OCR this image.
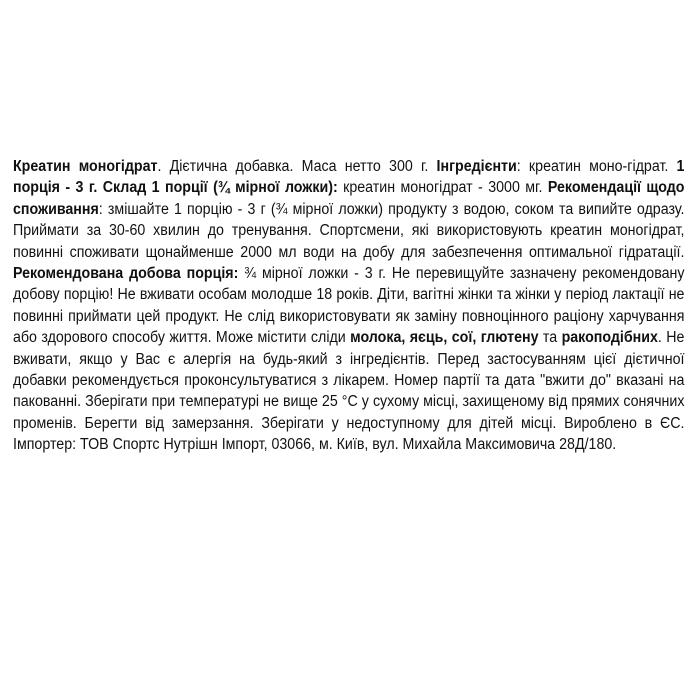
Креатин моногідрат. Дієтична добавка. Маса нетто 300 г. Інгредієнти: креатин моно-гідрат. 1 порція - 3 г. Склад 1 порції (¾ мірної ложки): креатин моногідрат - 3000 мг. Рекомендації щодо споживання: змішайте 1 порцію - 3 г (¾ мірної ложки) продукту з водою, соком та випийте одразу. Приймати за 30-60 хвилин до тренування. Спортсмени, які використовують креатин моногідрат, повинні споживати щонайменше 2000 мл води на добу для забезпечення оптимальної гідратації. Рекомендована добова порція: ¾ мірної ложки - 3 г. Не перевищуйте зазначену рекомендовану добову порцію! Не вживати особам молодше 18 років. Діти, вагітні жінки та жінки у період лактації не повинні приймати цей продукт. Не слід використовувати як заміну повноцінного раціону харчування або здорового способу життя. Може містити сліди молока, яєць, сої, глютену та ракоподібних. Не вживати, якщо у Вас є алергія на будь-який з інгредієнтів. Перед застосуванням цієї дієтичної добавки рекомендується проконсультуватися з лікарем. Номер партії та дата "вжити до" вказані на пакованні. Зберігати при температурі не вище 25 °C у сухому місці, захищеному від прямих сонячних променів. Берегти від замерзання. Зберігати у недоступному для дітей місці. Вироблено в ЄС. Імпортер: ТОВ Спортс Нутрішн Імпорт, 03066, м. Київ, вул. Михайла Максимовича 28Д/180.
